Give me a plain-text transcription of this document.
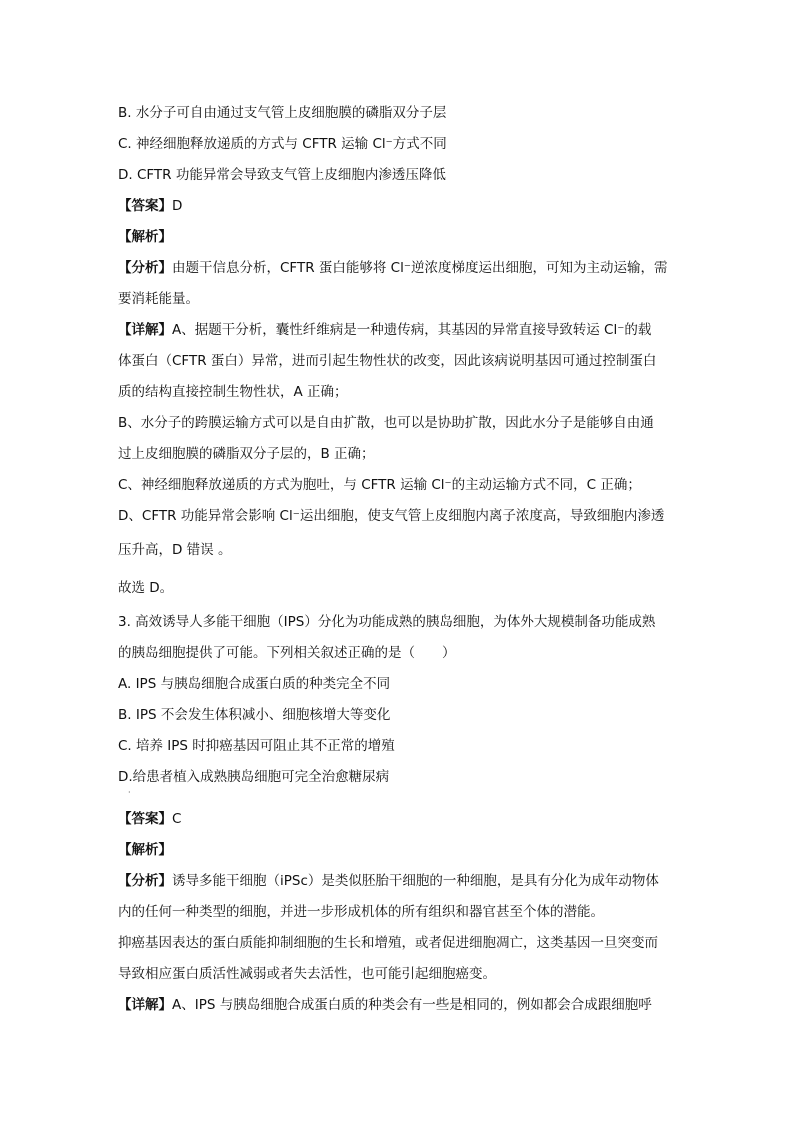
B. 水分子可自由通过支气管上皮细胞膜的磷脂双分子层
C. 神经细胞释放递质的方式与 CFTR 运输 Cl⁻方式不同
D. CFTR 功能异常会导致支气管上皮细胞内渗透压降低
【答案】D
【解析】
【分析】由题干信息分析，CFTR 蛋白能够将 Cl⁻逆浓度梯度运出细胞，可知为主动运输，需
要消耗能量。
【详解】A、据题干分析，囊性纤维病是一种遗传病，其基因的异常直接导致转运 Cl⁻的载
体蛋白（CFTR 蛋白）异常，进而引起生物性状的改变，因此该病说明基因可通过控制蛋白
质的结构直接控制生物性状，A 正确；
B、水分子的跨膜运输方式可以是自由扩散，也可以是协助扩散，因此水分子是能够自由通
过上皮细胞膜的磷脂双分子层的，B 正确；
C、神经细胞释放递质的方式为胞吐，与 CFTR 运输 Cl⁻的主动运输方式不同，C 正确；
D、CFTR 功能异常会影响 Cl⁻运出细胞，使支气管上皮细胞内离子浓度高，导致细胞内渗透
压升高，D 错误 。
故选 D。
3. 高效诱导人多能干细胞（IPS）分化为功能成熟的胰岛细胞，为体外大规模制备功能成熟
的胰岛细胞提供了可能。下列相关叙述正确的是（　　）
A. IPS 与胰岛细胞合成蛋白质的种类完全不同
B. IPS 不会发生体积减小、细胞核增大等变化
C. 培养 IPS 时抑癌基因可阻止其不正常的增殖
D.给患者植入成熟胰岛细胞可完全治愈糖尿病
·
【答案】C
【解析】
【分析】诱导多能干细胞（iPSc）是类似胚胎干细胞的一种细胞，是具有分化为成年动物体
内的任何一种类型的细胞，并进一步形成机体的所有组织和器官甚至个体的潜能。
抑癌基因表达的蛋白质能抑制细胞的生长和增殖，或者促进细胞凋亡，这类基因一旦突变而
导致相应蛋白质活性减弱或者失去活性，也可能引起细胞癌变。
【详解】A、IPS 与胰岛细胞合成蛋白质的种类会有一些是相同的，例如都会合成跟细胞呼
